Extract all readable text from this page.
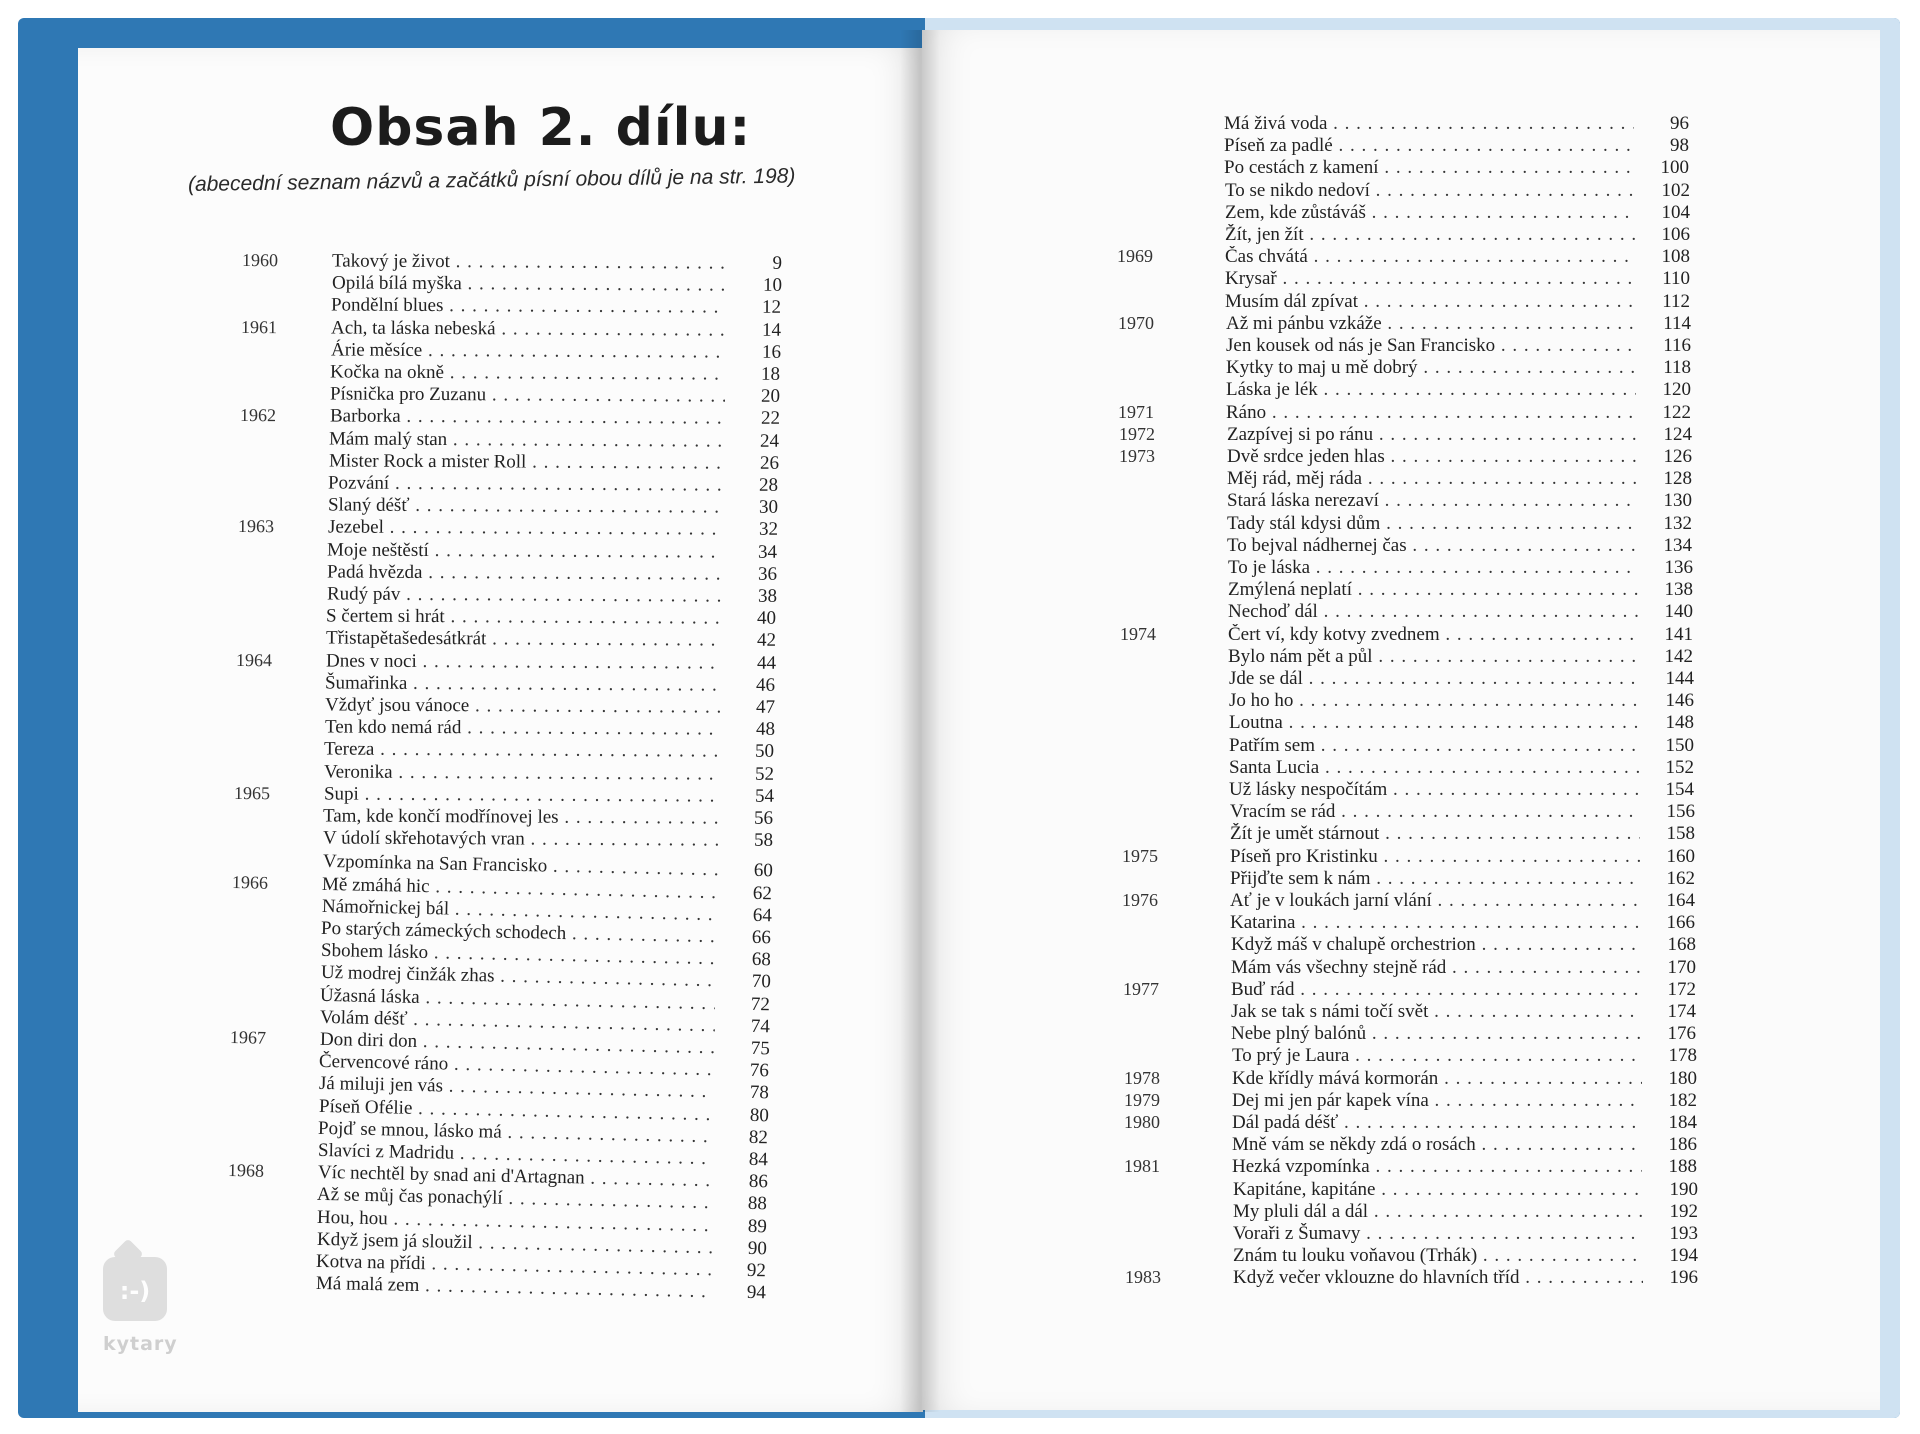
Obsah 2. dílu:
(abecední seznam názvů a začátků písní obou dílů je na str. 198)
1960	Takový je život . . .	9
Opilá bílá myška . . .	10
Pondělní blues . . .	12
1961	Ach, ta láska nebeská . . .	14
Árie měsíce . . .	16
Kočka na okně . . .	18
Písnička pro Zuzanu . . .	20
1962	Barborka . . .	22
Mám malý stan . . .	24
Mister Rock a mister Roll . . .	26
Pozvání . . .	28
Slaný déšť . . .	30
1963	Jezebel . . .	32
Moje neštěstí . . .	34
Padá hvězda . . .	36
Rudý páv . . .	38
S čertem si hrát . . .	40
Třistapětašedesátkrát . . .	42
1964	Dnes v noci . . .	44
Šumařinka . . .	46
Vždyť jsou vánoce . . .	47
Ten kdo nemá rád . . .	48
Tereza . . .	50
Veronika . . .	52
1965	Supi . . .	54
Tam, kde končí modřínovej les . . .	56
V údolí skřehotavých vran . . .	58
Vzpomínka na San Francisko . . .	60
1966	Mě zmáhá hic . . .	62
Námořnickej bál . . .	64
Po starých zámeckých schodech . . .	66
Sbohem lásko . . .	68
Už modrej činžák zhas . . .	70
Úžasná láska . . .	72
Volám déšť . . .	74
1967	Don diri don . . .	75
Červencové ráno . . .	76
Já miluji jen vás . . .	78
Píseň Ofélie . . .	80
Pojď se mnou, lásko má . . .	82
Slavíci z Madridu . . .	84
1968	Víc nechtěl by snad ani d'Artagnan . . .	86
Až se můj čas ponachýlí . . .	88
Hou, hou . . .	89
Když jsem já sloužil . . .	90
Kotva na přídi . . .	92
Má malá zem . . .	94
Má živá voda . . .	96
Píseň za padlé . . .	98
Po cestách z kamení . . .	100
To se nikdo nedoví . . .	102
Zem, kde zůstáváš . . .	104
Žít, jen žít . . .	106
1969	Čas chvátá . . .	108
Krysař . . .	110
Musím dál zpívat . . .	112
1970	Až mi pánbu vzkáže . . .	114
Jen kousek od nás je San Francisko . . .	116
Kytky to maj u mě dobrý . . .	118
Láska je lék . . .	120
1971	Ráno . . .	122
1972	Zazpívej si po ránu . . .	124
1973	Dvě srdce jeden hlas . . .	126
Měj rád, měj ráda . . .	128
Stará láska nerezaví . . .	130
Tady stál kdysi dům . . .	132
To bejval nádhernej čas . . .	134
To je láska . . .	136
Zmýlená neplatí . . .	138
Nechoď dál . . .	140
1974	Čert ví, kdy kotvy zvednem . . .	141
Bylo nám pět a půl . . .	142
Jde se dál . . .	144
Jo ho ho . . .	146
Loutna . . .	148
Patřím sem . . .	150
Santa Lucia . . .	152
Už lásky nespočítám . . .	154
Vracím se rád . . .	156
Žít je umět stárnout . . .	158
1975	Píseň pro Kristinku . . .	160
Přijďte sem k nám . . .	162
1976	Ať je v loukách jarní vlání . . .	164
Katarina . . .	166
Když máš v chalupě orchestrion . . .	168
Mám vás všechny stejně rád . . .	170
1977	Buď rád . . .	172
Jak se tak s námi točí svět . . .	174
Nebe plný balónů . . .	176
To prý je Laura . . .	178
1978	Kde křídly mává kormorán . . .	180
1979	Dej mi jen pár kapek vína . . .	182
1980	Dál padá déšť . . .	184
Mně vám se někdy zdá o rosách . . .	186
1981	Hezká vzpomínka . . .	188
Kapitáne, kapitáne . . .	190
My pluli dál a dál . . .	192
Voraři z Šumavy . . .	193
Znám tu louku voňavou (Trhák) . . .	194
1983	Když večer vklouzne do hlavních tříd . . .	196
:-)
kytary
